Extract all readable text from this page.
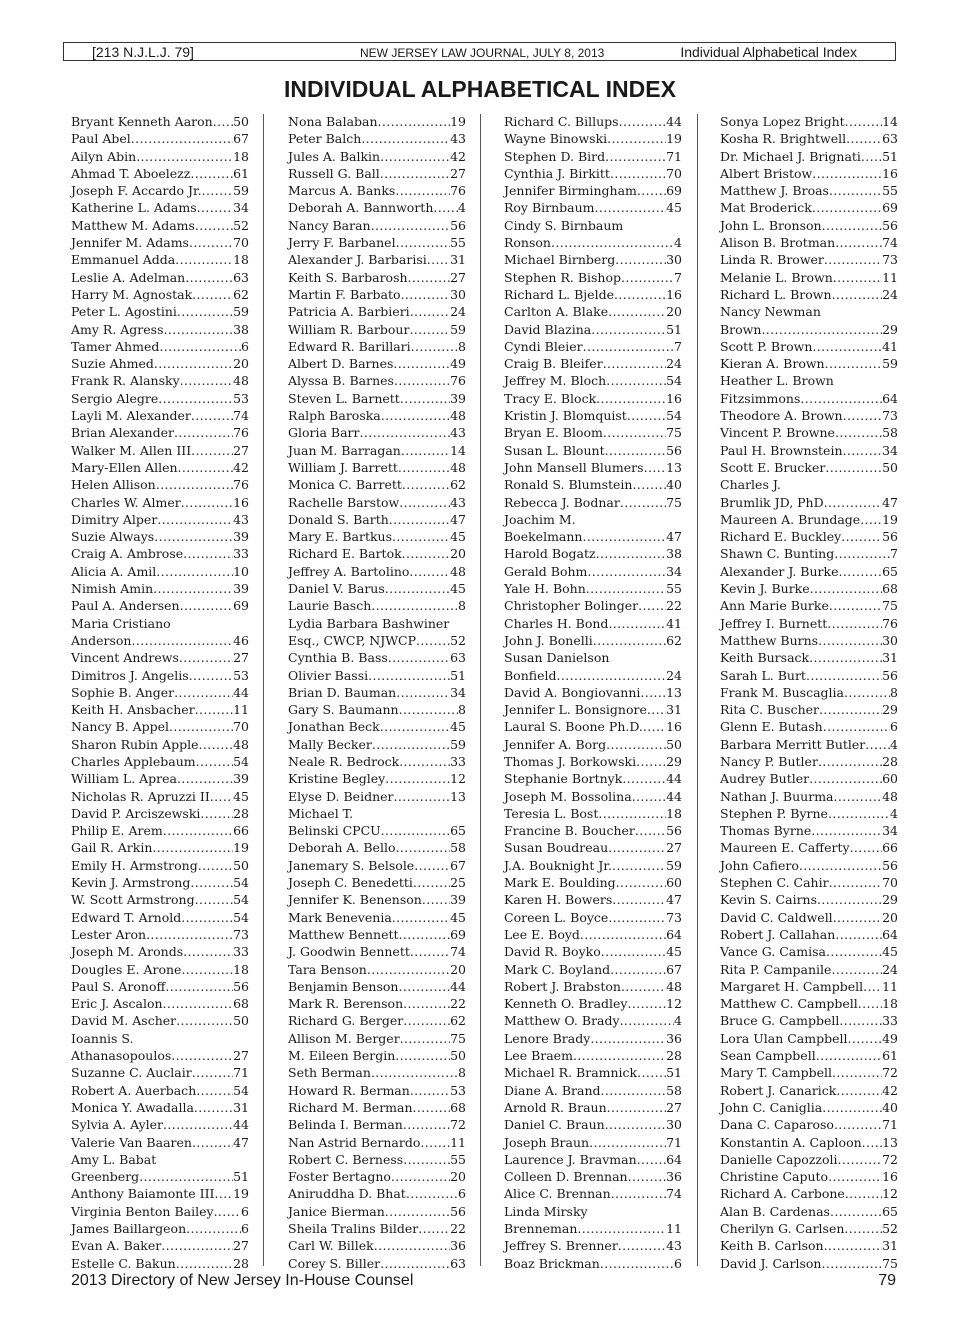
[213 N.J.L.J. 79]	NEW JERSEY LAW JOURNAL, JULY 8, 2013	Individual Alphabetical Index
INDIVIDUAL ALPHABETICAL INDEX
Bryant Kenneth Aaron ..... 50
Paul Abel .....	67
Ailyn Abin .....	18
Ahmad T. Aboelezz .....	61
Joseph F. Accardo Jr. .....	59
Katherine L. Adams .....	34
Matthew M. Adams .....	52
Jennifer M. Adams .....	70
Emmanuel Adda .....	18
Leslie A. Adelman .....	63
Harry M. Agnostak .....	62
Peter L. Agostini .....	59
Amy R. Agress .....	38
Tamer Ahmed .....	6
Suzie Ahmed .....	20
Frank R. Alansky .....	48
Sergio Alegre .....	53
Layli M. Alexander .....	74
Brian Alexander .....	76
Walker M. Allen III .....	27
Mary-Ellen Allen .....	42
Helen Allison .....	76
Charles W. Almer .....	16
Dimitry Alper .....	43
Suzie Always .....	39
Craig A. Ambrose .....	33
Alicia A. Amil .....	10
Nimish Amin .....	39
Paul A. Andersen .....	69
Maria Cristiano
Anderson .....	46
Vincent Andrews .....	27
Dimitros J. Angelis .....	53
Sophie B. Anger .....	44
Keith H. Ansbacher .....	11
Nancy B. Appel .....	70
Sharon Rubin Apple .....	48
Charles Applebaum .....	54
William L. Aprea .....	39
Nicholas R. Apruzzi II ..... 45
David P. Arciszewski .....	28
Philip E. Arem .....	66
Gail R. Arkin .....	19
Emily H. Armstrong .....	50
Kevin J. Armstrong .....	54
W. Scott Armstrong .....	54
Edward T. Arnold .....	54
Lester Aron .....	73
Joseph M. Aronds .....	33
Dougles E. Arone .....	18
Paul S. Aronoff .....	56
Eric J. Ascalon .....	68
David M. Ascher .....	50
Ioannis S.
Athanasopoulos .....	27
Suzanne C. Auclair .....	71
Robert A. Auerbach .....	54
Monica Y. Awadalla .....	31
Sylvia A. Ayler .....	44
Valerie Van Baaren .....	47
Amy L. Babat
Greenberg .....	51
Anthony Baiamonte III ..... 19
Virginia Benton Bailey ..... 6
James Baillargeon .....	6
Evan A. Baker .....	27
Estelle C. Bakun .....	28
Nona Balaban .....	19
Peter Balch .....	43
Jules A. Balkin .....	42
Russell G. Ball .....	27
Marcus A. Banks .....	76
Deborah A. Bannworth ..... 4
Nancy Baran .....	56
Jerry F. Barbanel .....	55
Alexander J. Barbarisi ..... 31
Keith S. Barbarosh .....	27
Martin F. Barbato .....	30
Patricia A. Barbieri .....	24
William R. Barbour .....	59
Edward R. Barillari .....	8
Albert D. Barnes .....	49
Alyssa B. Barnes .....	76
Steven L. Barnett .....	39
Ralph Baroska .....	48
Gloria Barr .....	43
Juan M. Barragan .....	14
William J. Barrett .....	48
Monica C. Barrett .....	62
Rachelle Barstow .....	43
Donald S. Barth .....	47
Mary E. Bartkus .....	45
Richard E. Bartok .....	20
Jeffrey A. Bartolino .....	48
Daniel V. Barus .....	45
Laurie Basch .....	8
Lydia Barbara Bashwiner
Esq., CWCP, NJWCP .....	52
Cynthia B. Bass .....	63
Olivier Bassi .....	51
Brian D. Bauman .....	34
Gary S. Baumann .....	8
Jonathan Beck .....	45
Mally Becker .....	59
Neale R. Bedrock .....	33
Kristine Begley .....	12
Elyse D. Beidner .....	13
Michael T.
Belinski CPCU .....	65
Deborah A. Bello .....	58
Janemary S. Belsole .....	67
Joseph C. Benedetti .....	25
Jennifer K. Benenson ..... 39
Mark Benevenia .....	45
Matthew Bennett .....	69
J. Goodwin Bennett .....	74
Tara Benson .....	20
Benjamin Benson .....	44
Mark R. Berenson .....	22
Richard G. Berger .....	62
Allison M. Berger .....	75
M. Eileen Bergin .....	50
Seth Berman .....	8
Howard R. Berman .....	53
Richard M. Berman .....	68
Belinda I. Berman .....	72
Nan Astrid Bernardo ..... 11
Robert C. Berness .....	55
Foster Bertagno .....	20
Aniruddha D. Bhat .....	6
Janice Bierman .....	56
Sheila Tralins Bilder .....	22
Carl W. Billek .....	36
Corey S. Biller .....	63
Richard C. Billups .....	44
Wayne Binowski .....	19
Stephen D. Bird .....	71
Cynthia J. Birkitt .....	70
Jennifer Birmingham ..... 69
Roy Birnbaum .....	45
Cindy S. Birnbaum
Ronson .....	4
Michael Birnberg .....	30
Stephen R. Bishop .....	7
Richard L. Bjelde .....	16
Carlton A. Blake .....	20
David Blazina .....	51
Cyndi Bleier .....	7
Craig B. Bleifer .....	24
Jeffrey M. Bloch .....	54
Tracy E. Block .....	16
Kristin J. Blomquist .....	54
Bryan E. Bloom .....	75
Susan L. Blount .....	56
John Mansell Blumers ..... 13
Ronald S. Blumstein .....	40
Rebecca J. Bodnar .....	75
Joachim M.
Boekelmann .....	47
Harold Bogatz .....	38
Gerald Bohm .....	34
Yale H. Bohn .....	55
Christopher Bolinger ..... 22
Charles H. Bond .....	41
John J. Bonelli .....	62
Susan Danielson
Bonfield .....	24
David A. Bongiovanni ..... 13
Jennifer L. Bonsignore ..... 31
Laural S. Boone Ph.D. ..... 16
Jennifer A. Borg .....	50
Thomas J. Borkowski ..... 29
Stephanie Bortnyk .....	44
Joseph M. Bossolina .....	44
Teresia L. Bost .....	18
Francine B. Boucher ..... 56
Susan Boudreau .....	27
J.A. Bouknight Jr. .....	59
Mark E. Boulding .....	60
Karen H. Bowers .....	47
Coreen L. Boyce .....	73
Lee E. Boyd .....	64
David R. Boyko .....	45
Mark C. Boyland .....	67
Robert J. Brabston .....	48
Kenneth O. Bradley .....	12
Matthew O. Brady .....	4
Lenore Brady .....	36
Lee Braem .....	28
Michael R. Bramnick ..... 51
Diane A. Brand .....	58
Arnold R. Braun .....	27
Daniel C. Braun .....	30
Joseph Braun .....	71
Laurence J. Bravman ..... 64
Colleen D. Brennan .....	36
Alice C. Brennan .....	74
Linda Mirsky
Brenneman .....	11
Jeffrey S. Brenner .....	43
Boaz Brickman .....	6
Sonya Lopez Bright .....	14
Kosha R. Brightwell .....	63
Dr. Michael J. Brignati ..... 51
Albert Bristow .....	16
Matthew J. Broas .....	55
Mat Broderick .....	69
John L. Bronson .....	56
Alison B. Brotman .....	74
Linda R. Brower .....	73
Melanie L. Brown .....	11
Richard L. Brown .....	24
Nancy Newman
Brown .....	29
Scott P. Brown .....	41
Kieran A. Brown .....	59
Heather L. Brown
Fitzsimmons .....	64
Theodore A. Brown .....	73
Vincent P. Browne .....	58
Paul H. Brownstein .....	34
Scott E. Brucker .....	50
Charles J.
Brumlik JD, PhD .....	47
Maureen A. Brundage ..... 19
Richard E. Buckley .....	56
Shawn C. Bunting .....	7
Alexander J. Burke .....	65
Kevin J. Burke .....	68
Ann Marie Burke .....	75
Jeffrey I. Burnett .....	76
Matthew Burns .....	30
Keith Bursack .....	31
Sarah L. Burt .....	56
Frank M. Buscaglia .....	8
Rita C. Buscher .....	29
Glenn E. Butash .....	6
Barbara Merritt Butler ..... 4
Nancy P. Butler .....	28
Audrey Butler .....	60
Nathan J. Buurma .....	48
Stephen P. Byrne .....	4
Thomas Byrne .....	34
Maureen E. Cafferty .....	66
John Cafiero .....	56
Stephen C. Cahir .....	70
Kevin S. Cairns .....	29
David C. Caldwell .....	20
Robert J. Callahan .....	64
Vance G. Camisa .....	45
Rita P. Campanile .....	24
Margaret H. Campbell ..... 11
Matthew C. Campbell ..... 18
Bruce G. Campbell .....	33
Lora Ulan Campbell .....	49
Sean Campbell .....	61
Mary T. Campbell .....	72
Robert J. Canarick .....	42
John C. Caniglia .....	40
Dana C. Caparoso .....	71
Konstantin A. Caploon ..... 13
Danielle Capozzoli .....	72
Christine Caputo .....	16
Richard A. Carbone .....	12
Alan B. Cardenas .....	65
Cherilyn G. Carlsen .....	52
Keith B. Carlson .....	31
David J. Carlson .....	75
2013 Directory of New Jersey In-House Counsel	79
